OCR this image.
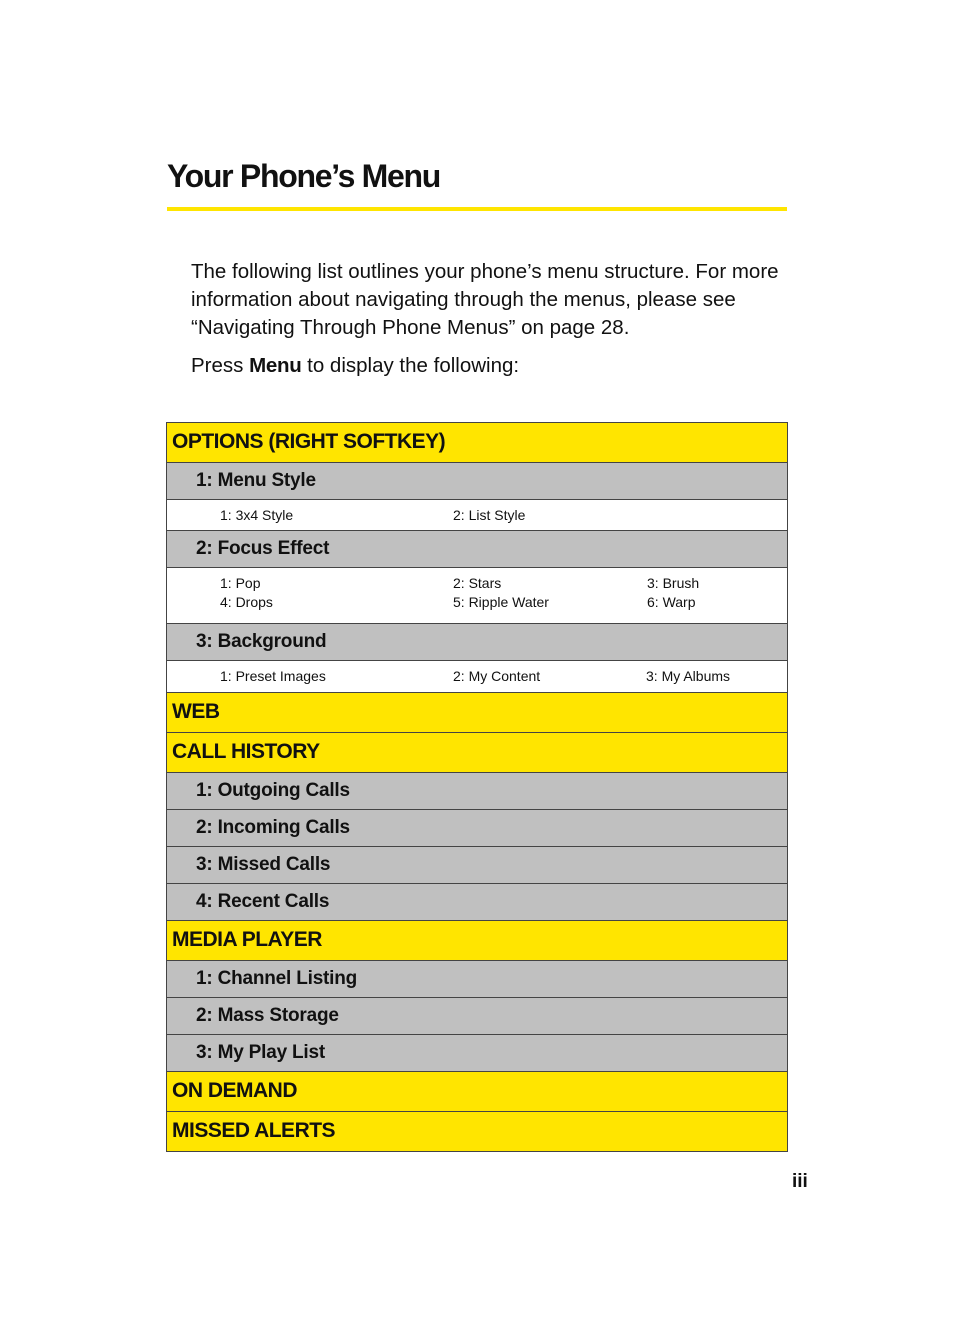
Your Phone’s Menu

The following list outlines your phone’s menu structure. For more information about navigating through the menus, please see “Navigating Through Phone Menus” on page 28.

Press Menu to display the following:

OPTIONS (RIGHT SOFTKEY)
1: Menu Style
1: 3x4 Style	2: List Style
2: Focus Effect
1: Pop	2: Stars	3: Brush
4: Drops	5: Ripple Water	6: Warp
3: Background
1: Preset Images	2: My Content	3: My Albums
WEB
CALL HISTORY
1: Outgoing Calls
2: Incoming Calls
3: Missed Calls
4: Recent Calls
MEDIA PLAYER
1: Channel Listing
2: Mass Storage
3: My Play List
ON DEMAND
MISSED ALERTS
iii
